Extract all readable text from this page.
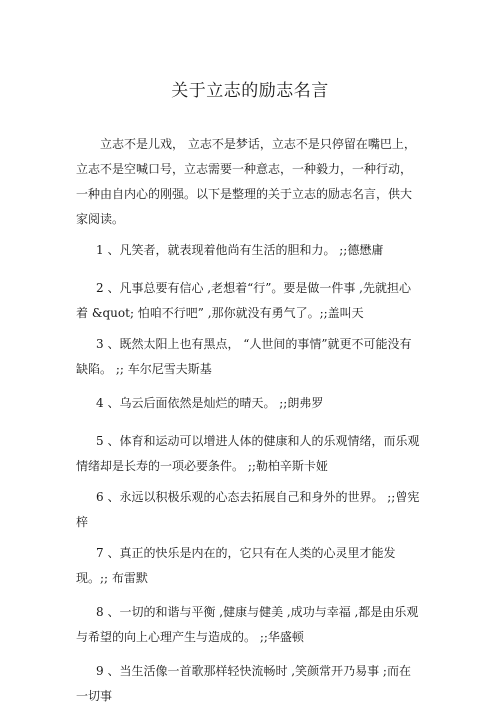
关于立志的励志名言

立志不是儿戏， 立志不是梦话，立志不是只停留在嘴巴上，立志不是空喊口号，立志需要一种意志，一种毅力，一种行动，一种由自内心的刚强。以下是整理的关于立志的励志名言，供大家阅读。

1 、凡笑者，就表现着他尚有生活的胆和力。 ;;德懋庸

2 、凡事总要有信心 ,老想着“行”。要是做一件事 ,先就担心着 &quot; 怕咱不行吧” ,那你就没有勇气了。;;盖叫天

3 、既然太阳上也有黑点， “人世间的事情”就更不可能没有缺陷。 ;; 车尔尼雪夫斯基

4 、乌云后面依然是灿烂的晴天。 ;;朗弗罗

5 、体育和运动可以增进人体的健康和人的乐观情绪，而乐观情绪却是长寿的一项必要条件。 ;;勒柏辛斯卡娅

6 、永远以积极乐观的心态去拓展自己和身外的世界。 ;;曾宪梓

7 、真正的快乐是内在的，它只有在人类的心灵里才能发现。;; 布雷默

8 、一切的和谐与平衡 ,健康与健美 ,成功与幸福 ,都是由乐观与希望的向上心理产生与造成的。 ;;华盛顿

9 、当生活像一首歌那样轻快流畅时 ,笑颜常开乃易事 ;而在一切事
